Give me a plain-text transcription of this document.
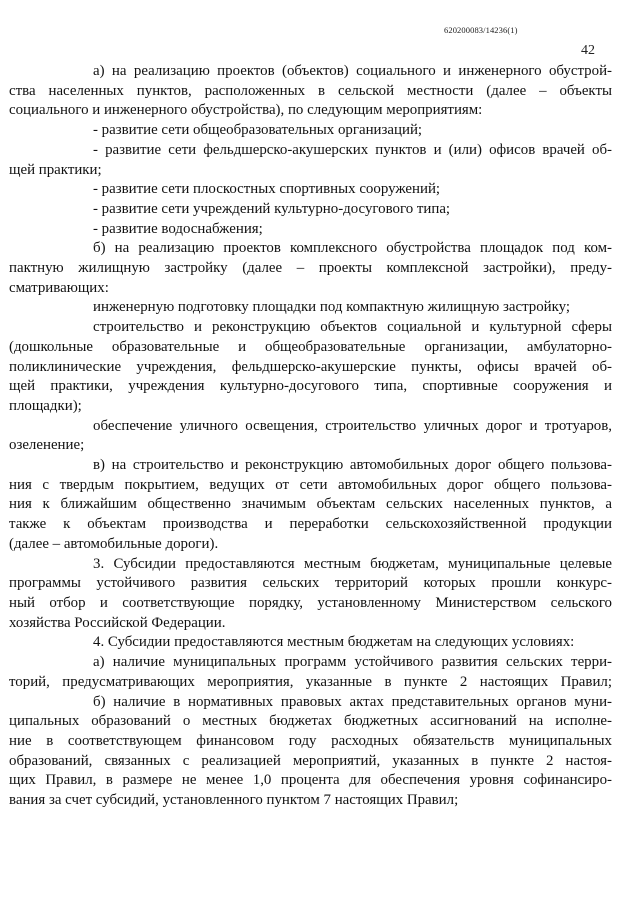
620200083/14236(1)
42
а) на реализацию проектов (объектов) социального и инженерного обустрой-
ства населенных пунктов, расположенных в сельской местности (далее – объекты
социального и инженерного обустройства), по следующим мероприятиям:
- развитие сети общеобразовательных организаций;
- развитие сети фельдшерско-акушерских пунктов и (или) офисов врачей об-
щей практики;
- развитие сети плоскостных спортивных сооружений;
- развитие сети учреждений культурно-досугового типа;
- развитие водоснабжения;
б) на реализацию проектов комплексного обустройства площадок под ком-
пактную жилищную застройку (далее – проекты комплексной застройки), преду-
сматривающих:
инженерную подготовку площадки под компактную жилищную застройку;
строительство и реконструкцию объектов социальной и культурной сферы
(дошкольные образовательные и общеобразовательные организации, амбулаторно-
поликлинические учреждения, фельдшерско-акушерские пункты, офисы врачей об-
щей практики, учреждения культурно-досугового типа, спортивные сооружения и
площадки);
обеспечение уличного освещения, строительство уличных дорог и тротуаров,
озеленение;
в) на строительство и реконструкцию автомобильных дорог общего пользова-
ния с твердым покрытием, ведущих от сети автомобильных дорог общего пользова-
ния к ближайшим общественно значимым объектам сельских населенных пунктов, а
также к объектам производства и переработки сельскохозяйственной продукции
(далее – автомобильные дороги).
3. Субсидии предоставляются местным бюджетам, муниципальные целевые
программы устойчивого развития сельских территорий которых прошли конкурс-
ный отбор и соответствующие порядку, установленному Министерством сельского
хозяйства Российской Федерации.
4. Субсидии предоставляются местным бюджетам на следующих условиях:
а) наличие муниципальных программ устойчивого развития сельских терри-
торий, предусматривающих мероприятия, указанные в пункте 2 настоящих Правил;
б) наличие в нормативных правовых актах представительных органов муни-
ципальных образований о местных бюджетах бюджетных ассигнований на исполне-
ние в соответствующем финансовом году расходных обязательств муниципальных
образований, связанных с реализацией мероприятий, указанных в пункте 2 настоя-
щих Правил, в размере не менее 1,0 процента для обеспечения уровня софинансиро-
вания за счет субсидий, установленного пунктом 7 настоящих Правил;
